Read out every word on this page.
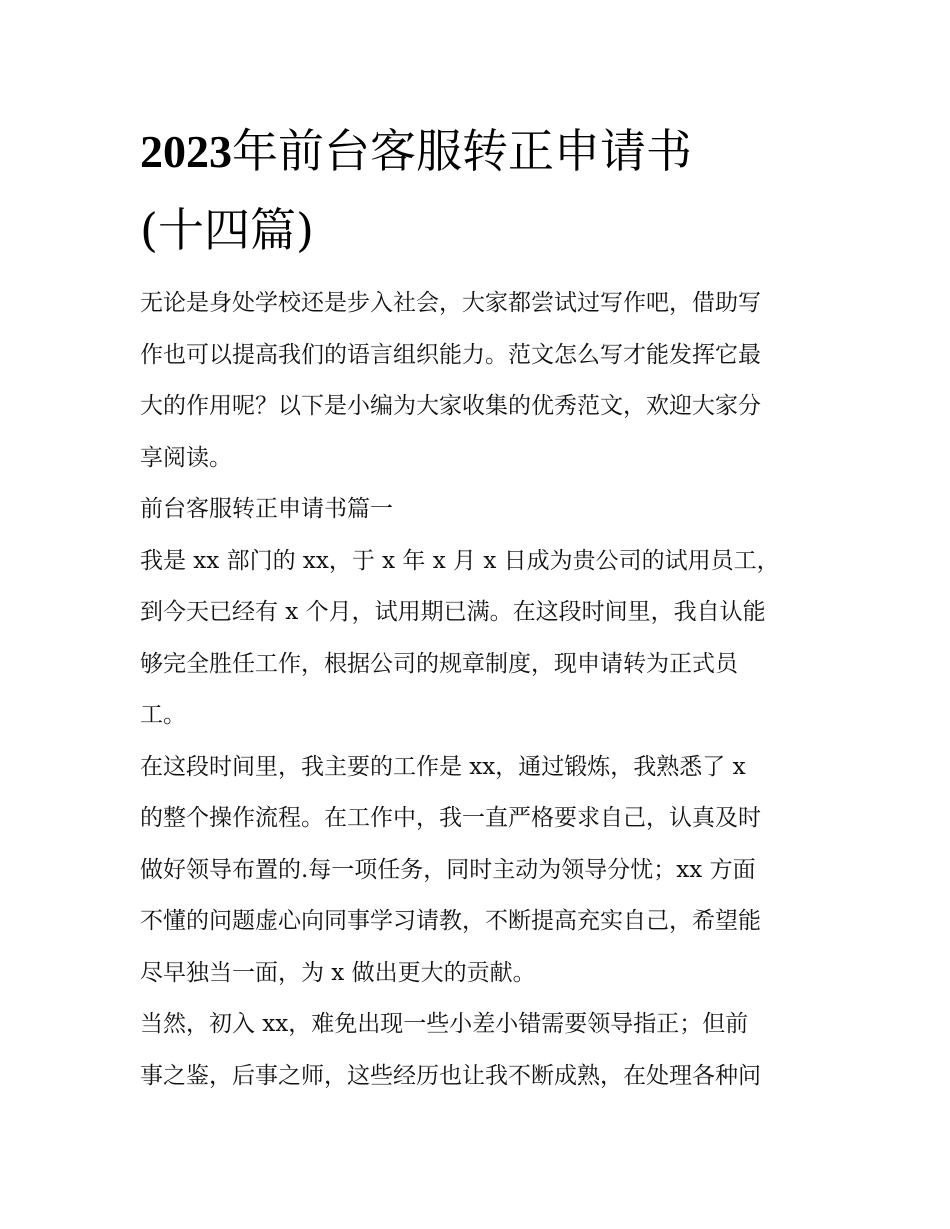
2023年前台客服转正申请书
(十四篇)
无论是身处学校还是步入社会，大家都尝试过写作吧，借助写
作也可以提高我们的语言组织能力。范文怎么写才能发挥它最
大的作用呢？以下是小编为大家收集的优秀范文，欢迎大家分
享阅读。
前台客服转正申请书篇一
我是 xx 部门的 xx，于 x 年 x 月 x 日成为贵公司的试用员工，
到今天已经有 x 个月，试用期已满。在这段时间里，我自认能
够完全胜任工作，根据公司的规章制度，现申请转为正式员
工。
在这段时间里，我主要的工作是 xx，通过锻炼，我熟悉了 x
的整个操作流程。在工作中，我一直严格要求自己，认真及时
做好领导布置的.每一项任务，同时主动为领导分忧；xx 方面
不懂的问题虚心向同事学习请教，不断提高充实自己，希望能
尽早独当一面，为 x 做出更大的贡献。
当然，初入 xx，难免出现一些小差小错需要领导指正；但前
事之鉴，后事之师，这些经历也让我不断成熟，在处理各种问
